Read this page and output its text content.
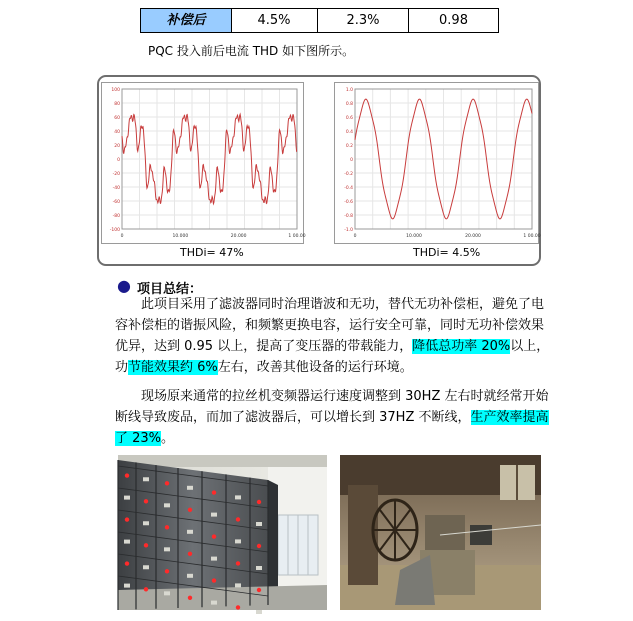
补偿后	4.5%	2.3%	0.98
PQC 投入前后电流 THD 如下图所示。
100
80
60
40
20
0
-20
-40
-60
-80
-100
0	10.000	20.000	1 00.00
THDi= 47%
1.0
0.8
0.6
0.4
0.2
0
-0.2
-0.4
-0.6
-0.8
-1.0
0	10.000	20.000	1 00.00
THDi= 4.5%
● 项目总结：
　　此项目采用了滤波器同时治理谐波和无功，替代无功补偿柜，避免了电
容补偿柜的谐振风险，和频繁更换电容，运行安全可靠，同时无功补偿效果
优异，达到 0.95 以上，提高了变压器的带载能力，降低总功率 20%以上，
功节能效果约 6%左右，改善其他设备的运行环境。
　　现场原来通常的拉丝机变频器运行速度调整到 30HZ 左右时就经常开始
断线导致废品，而加了滤波器后，可以增长到 37HZ 不断线，生产效率提高
了 23%。
